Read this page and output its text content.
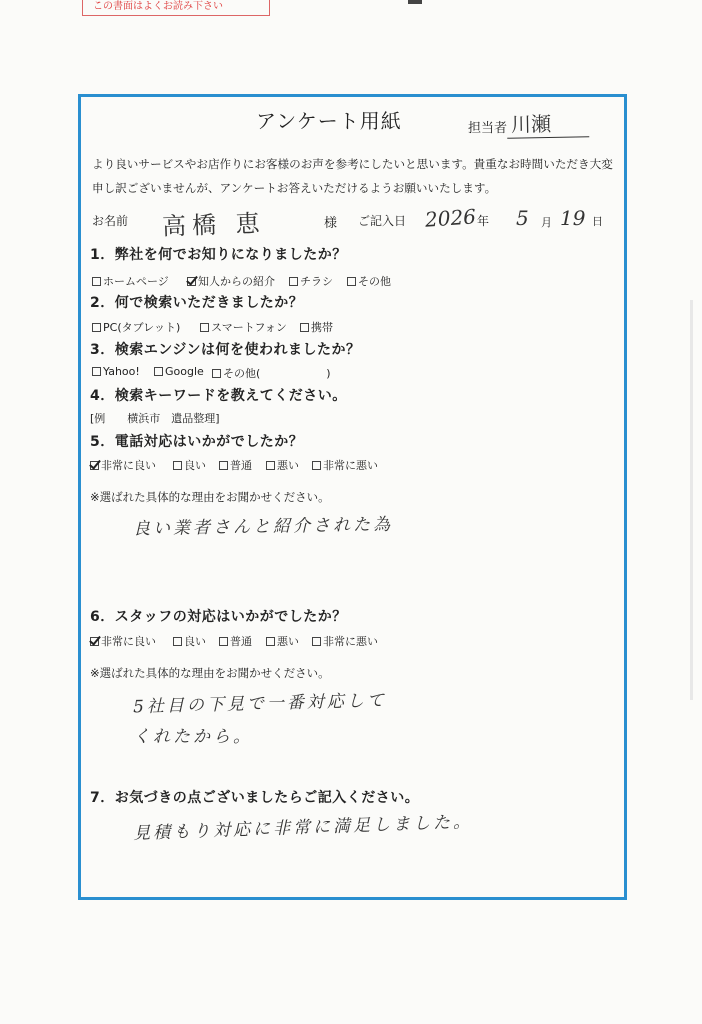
この書面はよくお読み下さい
アンケート用紙	担当者 川瀬
より良いサービスやお店作りにお客様のお声を参考にしたいと思います。貴重なお時間いただき大変
申し訳ございませんが、アンケートお答えいただけるようお願いいたします。
お名前 高橋 恵	様 ご記入日 2026 年 5 月 19 日
1．弊社を何でお知りになりましたか？
ホームページ	知人からの紹介 チラシ その他
2．何で検索いただきましたか？
PC(タブレット)	スマートフォン 携帯
3．検索エンジンは何を使われましたか？
Yahoo! Google その他(　　　　　　)
4．検索キーワードを教えてください。
[例　　横浜市　遺品整理]
5．電話対応はいかがでしたか？
非常に良い	良い 普通 悪い 非常に悪い
※選ばれた具体的な理由をお聞かせください。
良い業者さんと紹介された為
6．スタッフの対応はいかがでしたか？
非常に良い	良い 普通 悪い 非常に悪い
※選ばれた具体的な理由をお聞かせください。
5社目の下見で一番対応して
くれたから。
7．お気づきの点ございましたらご記入ください。
見積もり対応に非常に満足しました。
